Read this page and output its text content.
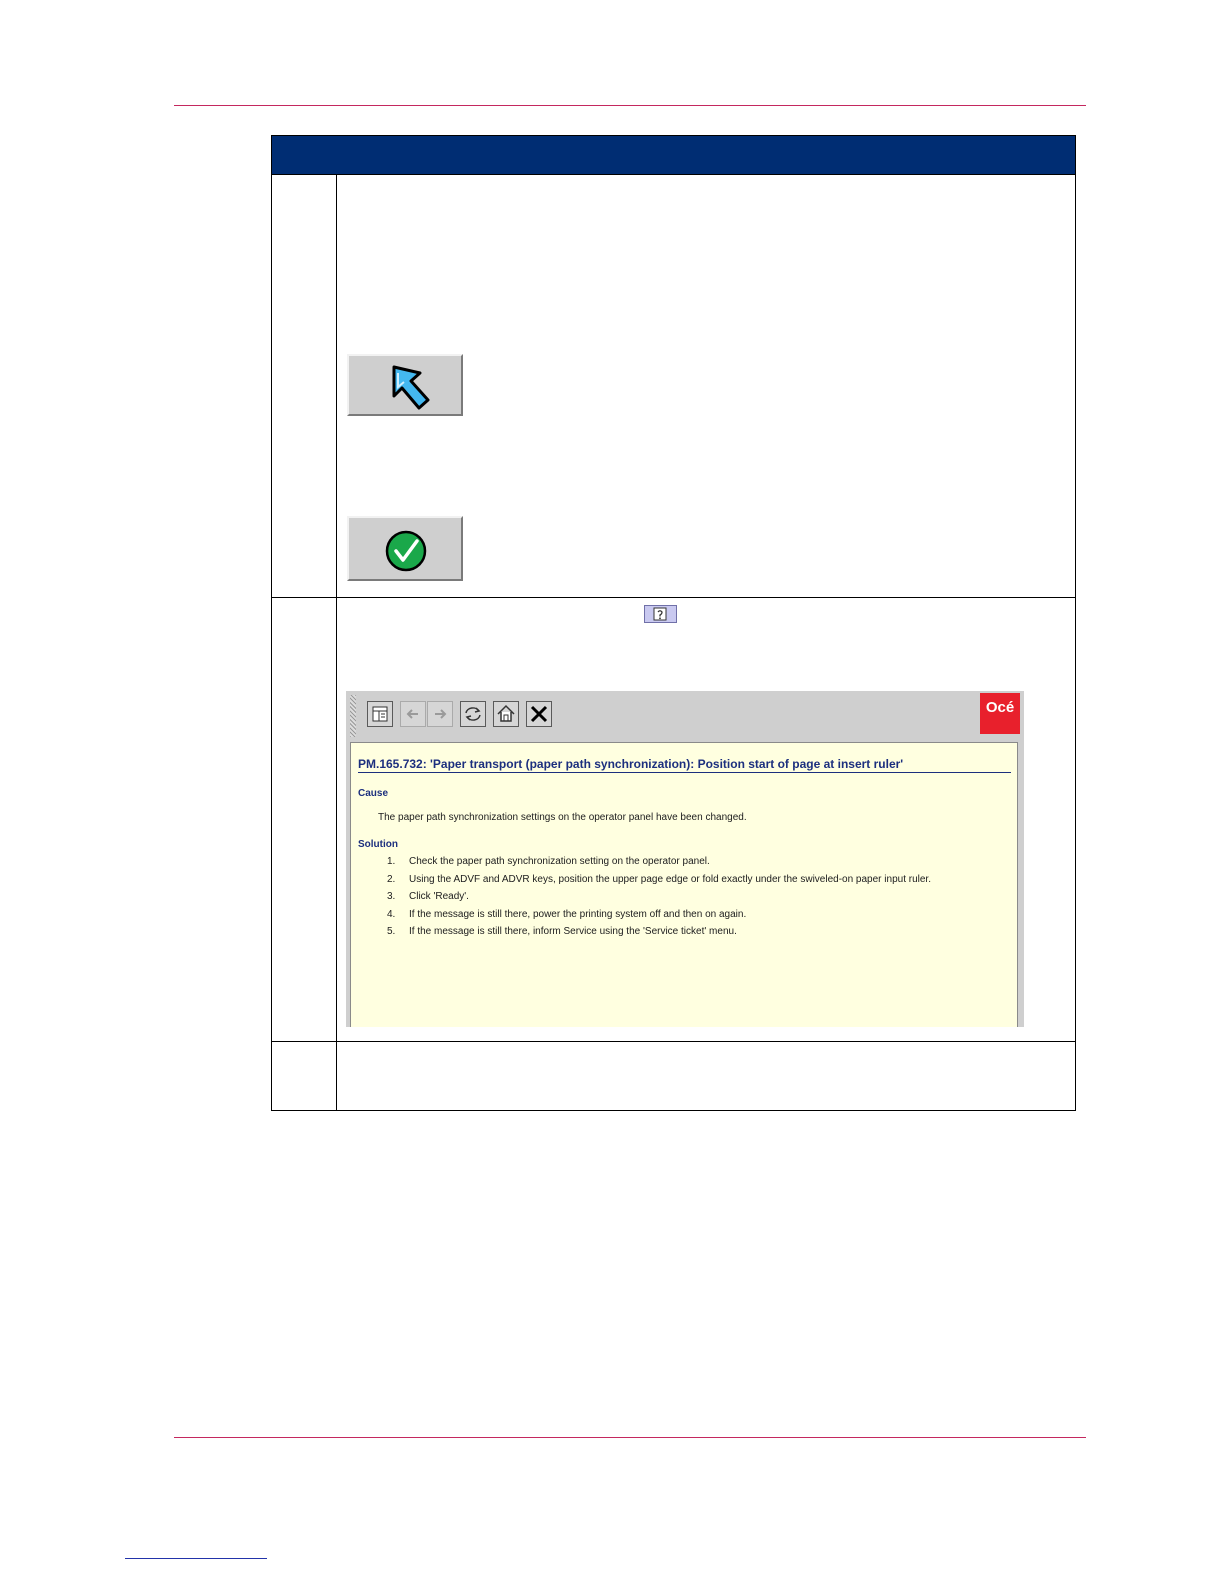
Océ
PM.165.732: 'Paper transport (paper path synchronization): Position start of page at insert ruler'
Cause
The paper path synchronization settings on the operator panel have been changed.
Solution
1. Check the paper path synchronization setting on the operator panel.
2. Using the ADVF and ADVR keys, position the upper page edge or fold exactly under the swiveled-on paper input ruler.
3. Click 'Ready'.
4. If the message is still there, power the printing system off and then on again.
5. If the message is still there, inform Service using the 'Service ticket' menu.
